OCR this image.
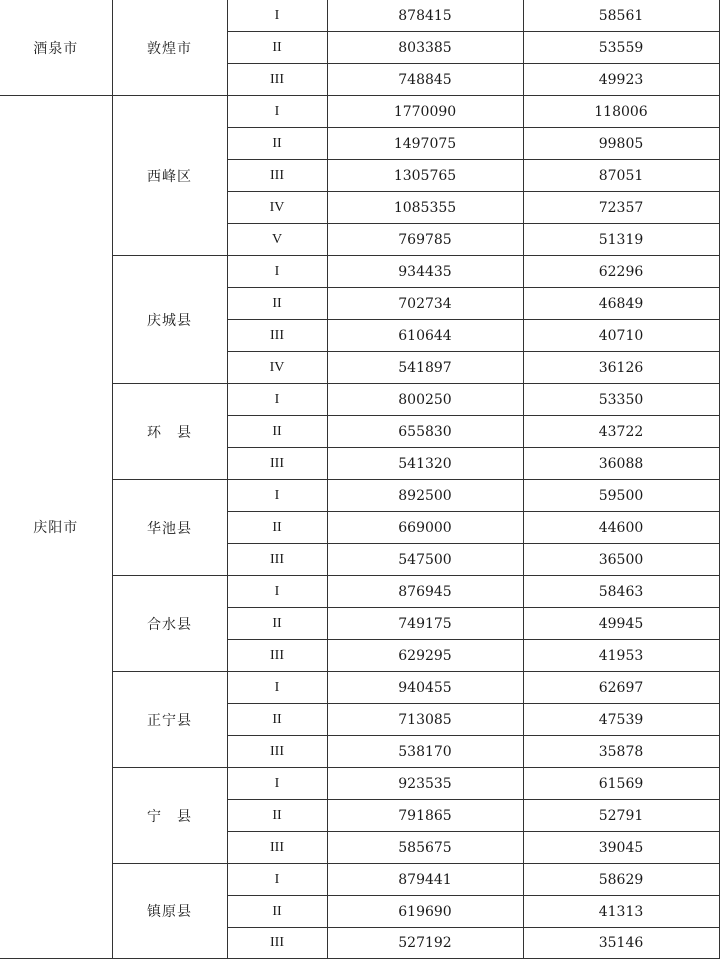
酒泉市	敦煌市	I	878415	58561
		II	803385	53559
		III	748845	49923
庆阳市	西峰区	I	1770090	118006
		II	1497075	99805
		III	1305765	87051
		IV	1085355	72357
		V	769785	51319
	庆城县	I	934435	62296
		II	702734	46849
		III	610644	40710
		IV	541897	36126
	环　县	I	800250	53350
		II	655830	43722
		III	541320	36088
	华池县	I	892500	59500
		II	669000	44600
		III	547500	36500
	合水县	I	876945	58463
		II	749175	49945
		III	629295	41953
	正宁县	I	940455	62697
		II	713085	47539
		III	538170	35878
	宁　县	I	923535	61569
		II	791865	52791
		III	585675	39045
	镇原县	I	879441	58629
		II	619690	41313
		III	527192	35146
